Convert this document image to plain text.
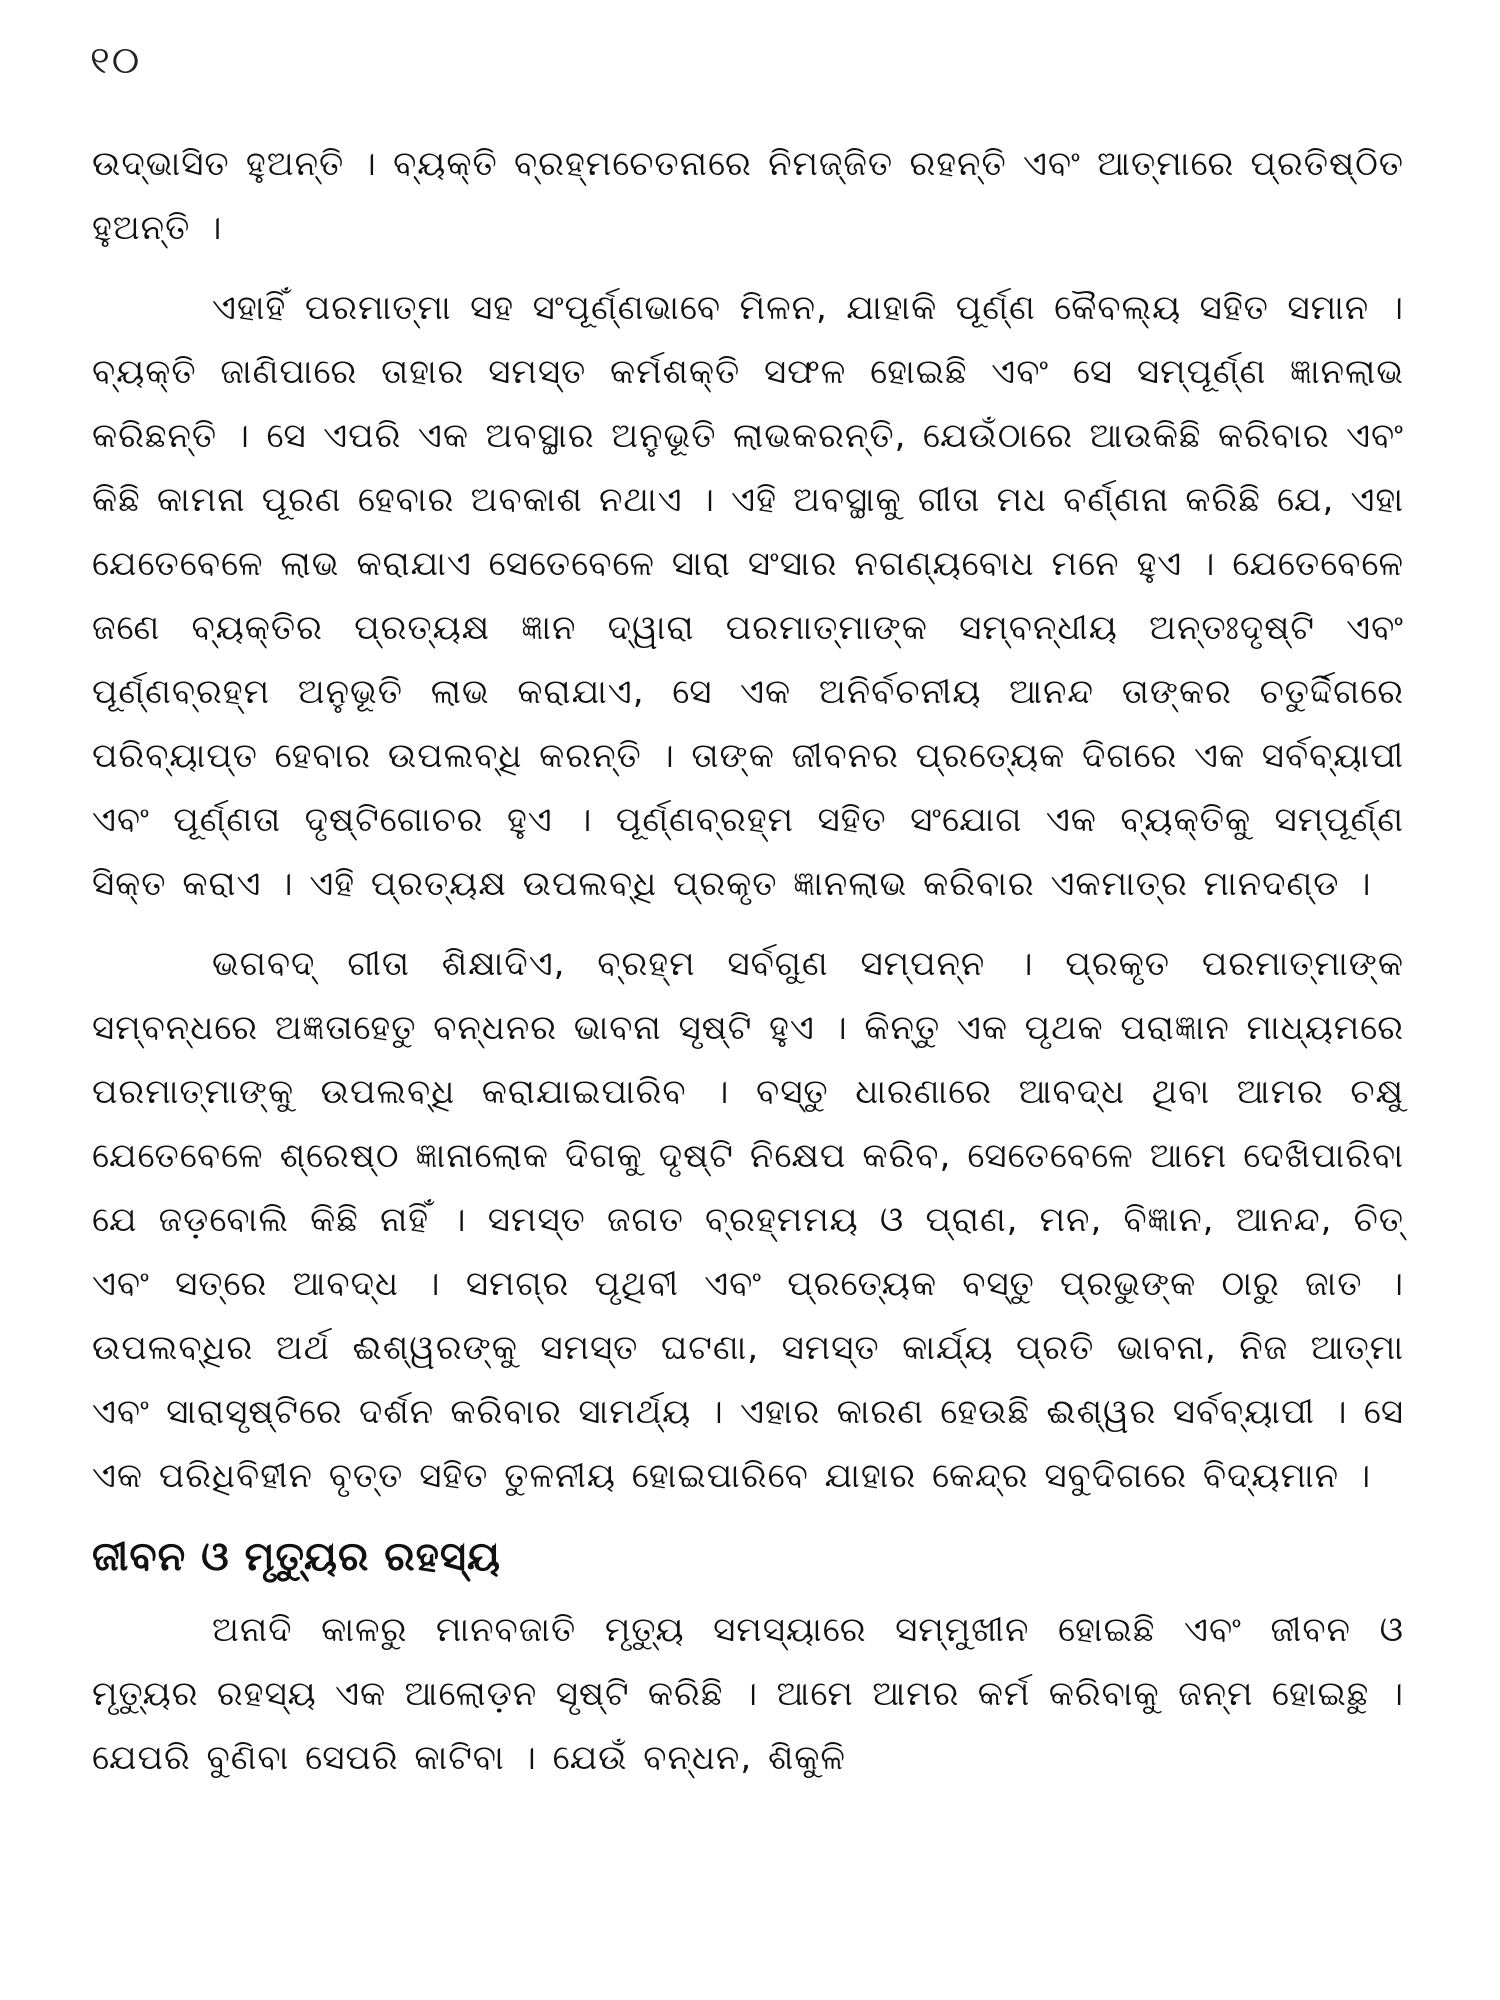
୧୦

ଉଦ୍‌ଭାସିତ ହୁଅନ୍ତି । ବ୍ୟକ୍ତି ବ୍ରହ୍ମଚେତନାରେ ନିମଜ୍ଜିତ ରହନ୍ତି ଏବଂ ଆତ୍ମାରେ ପ୍ରତିଷ୍ଠିତ ହୁଅନ୍ତି ।

ଏହାହିଁ ପରମାତ୍ମା ସହ ସଂପୂର୍ଣ୍ଣଭାବେ ମିଳନ, ଯାହାକି ପୂର୍ଣ୍ଣ କୈବଲ୍ୟ ସହିତ ସମାନ । ବ୍ୟକ୍ତି ଜାଣିପାରେ ତାହାର ସମସ୍ତ କର୍ମଶକ୍ତି ସଫଳ ହୋଇଛି ଏବଂ ସେ ସମ୍ପୂର୍ଣ୍ଣ ଜ୍ଞାନଲାଭ କରିଛନ୍ତି । ସେ ଏପରି ଏକ ଅବସ୍ଥାର ଅନୁଭୂତି ଲାଭକରନ୍ତି, ଯେଉଁଠାରେ ଆଉକିଛି କରିବାର ଏବଂ କିଛି କାମନା ପୂରଣ ହେବାର ଅବକାଶ ନଥାଏ । ଏହି ଅବସ୍ଥାକୁ ଗୀତା ମଧ ବର୍ଣ୍ଣନା କରିଛି ଯେ, ଏହା ଯେତେବେଳେ ଲାଭ କରାଯାଏ ସେତେବେଳେ ସାରା ସଂସାର ନଗଣ୍ୟବୋଧ ମନେ ହୁଏ । ଯେତେବେଳେ ଜଣେ ବ୍ୟକ୍ତିର ପ୍ରତ୍ୟକ୍ଷ ଜ୍ଞାନ ଦ୍ୱାରା ପରମାତ୍ମାଙ୍କ ସମ୍ବନ୍ଧୀୟ ଅନ୍ତଃଦୃଷ୍ଟି ଏବଂ ପୂର୍ଣ୍ଣବ୍ରହ୍ମ ଅନୁଭୂତି ଲାଭ କରାଯାଏ, ସେ ଏକ ଅନିର୍ବଚନୀୟ ଆନନ୍ଦ ତାଙ୍କର ଚତୁର୍ଦ୍ଦିଗରେ ପରିବ୍ୟାପ୍ତ ହେବାର ଉପଲବ୍ଧି କରନ୍ତି । ତାଙ୍କ ଜୀବନର ପ୍ରତ୍ୟେକ ଦିଗରେ ଏକ ସର୍ବବ୍ୟାପୀ ଏବଂ ପୂର୍ଣ୍ଣତା ଦୃଷ୍ଟିଗୋଚର ହୁଏ । ପୂର୍ଣ୍ଣବ୍ରହ୍ମ ସହିତ ସଂଯୋଗ ଏକ ବ୍ୟକ୍ତିକୁ ସମ୍ପୂର୍ଣ୍ଣ ସିକ୍ତ କରାଏ । ଏହି ପ୍ରତ୍ୟକ୍ଷ ଉପଲବ୍ଧି ପ୍ରକୃତ ଜ୍ଞାନଲାଭ କରିବାର ଏକମାତ୍ର ମାନଦଣ୍ଡ ।

ଭଗବଦ୍‌ ଗୀତା ଶିକ୍ଷାଦିଏ, ବ୍ରହ୍ମ ସର୍ବଗୁଣ ସମ୍ପନ୍ନ । ପ୍ରକୃତ ପରମାତ୍ମାଙ୍କ ସମ୍ବନ୍ଧରେ ଅଜ୍ଞତାହେତୁ ବନ୍ଧନର ଭାବନା ସୃଷ୍ଟି ହୁଏ । କିନ୍ତୁ ଏକ ପୃଥକ ପରାଜ୍ଞାନ ମାଧ୍ୟମରେ ପରମାତ୍ମାଙ୍କୁ ଉପଲବ୍ଧି କରାଯାଇପାରିବ । ବସ୍ତୁ ଧାରଣାରେ ଆବଦ୍ଧ ଥିବା ଆମର ଚକ୍ଷୁ ଯେତେବେଳେ ଶ୍ରେଷ୍ଠ ଜ୍ଞାନାଲୋକ ଦିଗକୁ ଦୃଷ୍ଟି ନିକ୍ଷେପ କରିବ, ସେତେବେଳେ ଆମେ ଦେଖିପାରିବା ଯେ ଜଡ଼ବୋଲି କିଛି ନାହିଁ । ସମସ୍ତ ଜଗତ ବ୍ରହ୍ମମୟ ଓ ପ୍ରାଣ, ମନ, ବିଜ୍ଞାନ, ଆନନ୍ଦ, ଚିତ୍‌ ଏବଂ ସତ୍‌ରେ ଆବଦ୍ଧ । ସମଗ୍ର ପୃଥିବୀ ଏବଂ ପ୍ରତ୍ୟେକ ବସ୍ତୁ ପ୍ରଭୁଙ୍କ ଠାରୁ ଜାତ । ଉପଲବ୍ଧିର ଅର୍ଥ ଈଶ୍ୱରଙ୍କୁ ସମସ୍ତ ଘଟଣା, ସମସ୍ତ କାର୍ଯ୍ୟ ପ୍ରତି ଭାବନା, ନିଜ ଆତ୍ମା ଏବଂ ସାରାସୃଷ୍ଟିରେ ଦର୍ଶନ କରିବାର ସାମର୍ଥ୍ୟ । ଏହାର କାରଣ ହେଉଛି ଈଶ୍ୱର ସର୍ବବ୍ୟାପୀ । ସେ ଏକ ପରିଧିବିହୀନ ବୃତ୍ତ ସହିତ ତୁଳନୀୟ ହୋଇପାରିବେ ଯାହାର କେନ୍ଦ୍ର ସବୁଦିଗରେ ବିଦ୍ୟମାନ ।

ଜୀବନ ଓ ମୃତ୍ୟୁର ରହସ୍ୟ

ଅନାଦି କାଳରୁ ମାନବଜାତି ମୃତ୍ୟୁ ସମସ୍ୟାରେ ସମ୍ମୁଖୀନ ହୋଇଛି ଏବଂ ଜୀବନ ଓ ମୃତ୍ୟୁର ରହସ୍ୟ ଏକ ଆଲୋଡ଼ନ ସୃଷ୍ଟି କରିଛି । ଆମେ ଆମର କର୍ମ କରିବାକୁ ଜନ୍ମ ହୋଇଛୁ । ଯେପରି ବୁଣିବା ସେପରି କାଟିବା । ଯେଉଁ ବନ୍ଧନ, ଶିକୁଳି
